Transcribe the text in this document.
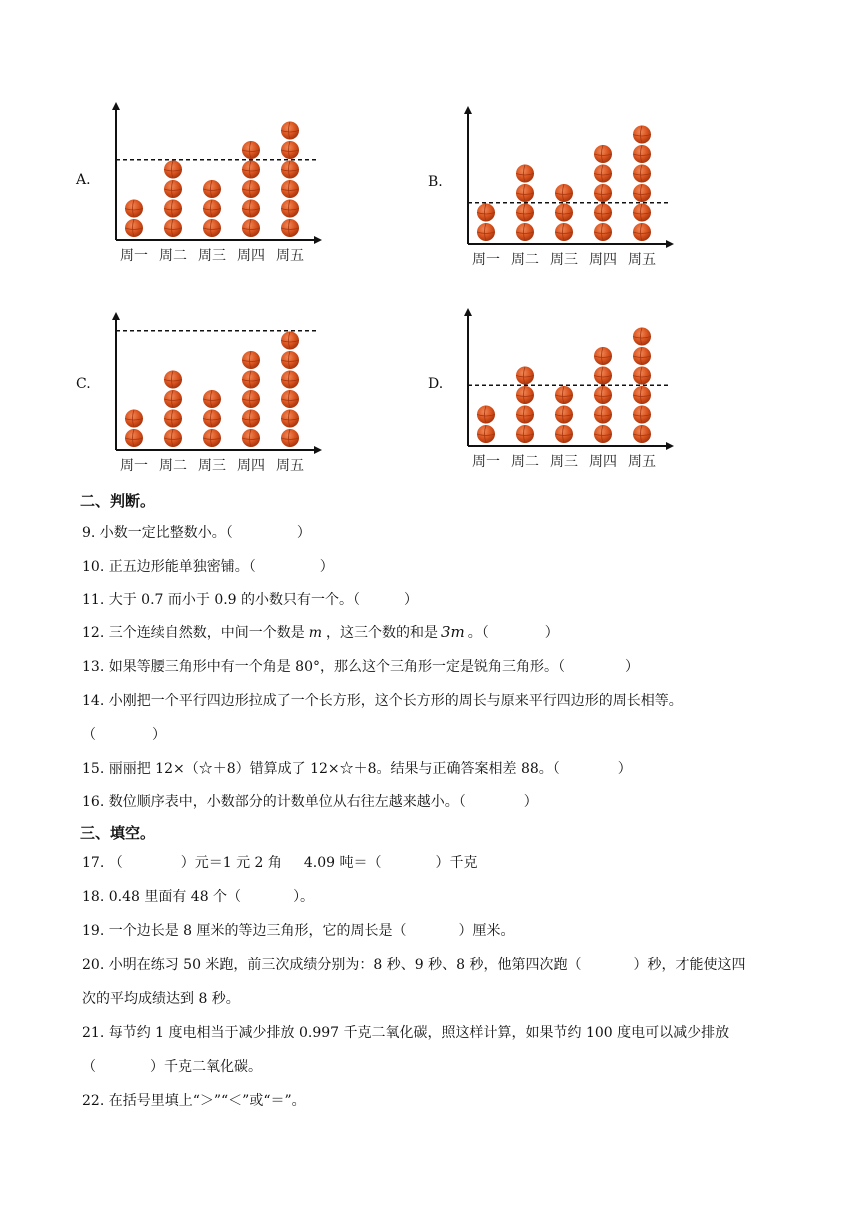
A.
周一 周二 周三 周四 周五
B.
周一 周二 周三 周四 周五
C.
周一 周二 周三 周四 周五
D.
周一 周二 周三 周四 周五
二、判断。
9. 小数一定比整数小。（	）
10. 正五边形能单独密铺。（	）
11. 大于 0.7 而小于 0.9 的小数只有一个。（	）
12. 三个连续自然数，中间一个数是 m ，这三个数的和是 3m 。（	）
13. 如果等腰三角形中有一个角是 80°，那么这个三角形一定是锐角三角形。（	）
14. 小刚把一个平行四边形拉成了一个长方形，这个长方形的周长与原来平行四边形的周长相等。
（	）
15. 丽丽把 12×（☆＋8）错算成了 12×☆＋8。结果与正确答案相差 88。（	）
16. 数位顺序表中，小数部分的计数单位从右往左越来越小。（	）
三、填空。
17. （	）元＝1 元 2 角 4.09 吨＝（	）千克
18. 0.48 里面有 48 个（	）。
19. 一个边长是 8 厘米的等边三角形，它的周长是（	）厘米。
20. 小明在练习 50 米跑，前三次成绩分别为：8 秒、9 秒、8 秒，他第四次跑（	）秒，才能使这四
次的平均成绩达到 8 秒。
21. 每节约 1 度电相当于减少排放 0.997 千克二氧化碳，照这样计算，如果节约 100 度电可以减少排放
（	）千克二氧化碳。
22. 在括号里填上“＞”“＜”或“＝”。
